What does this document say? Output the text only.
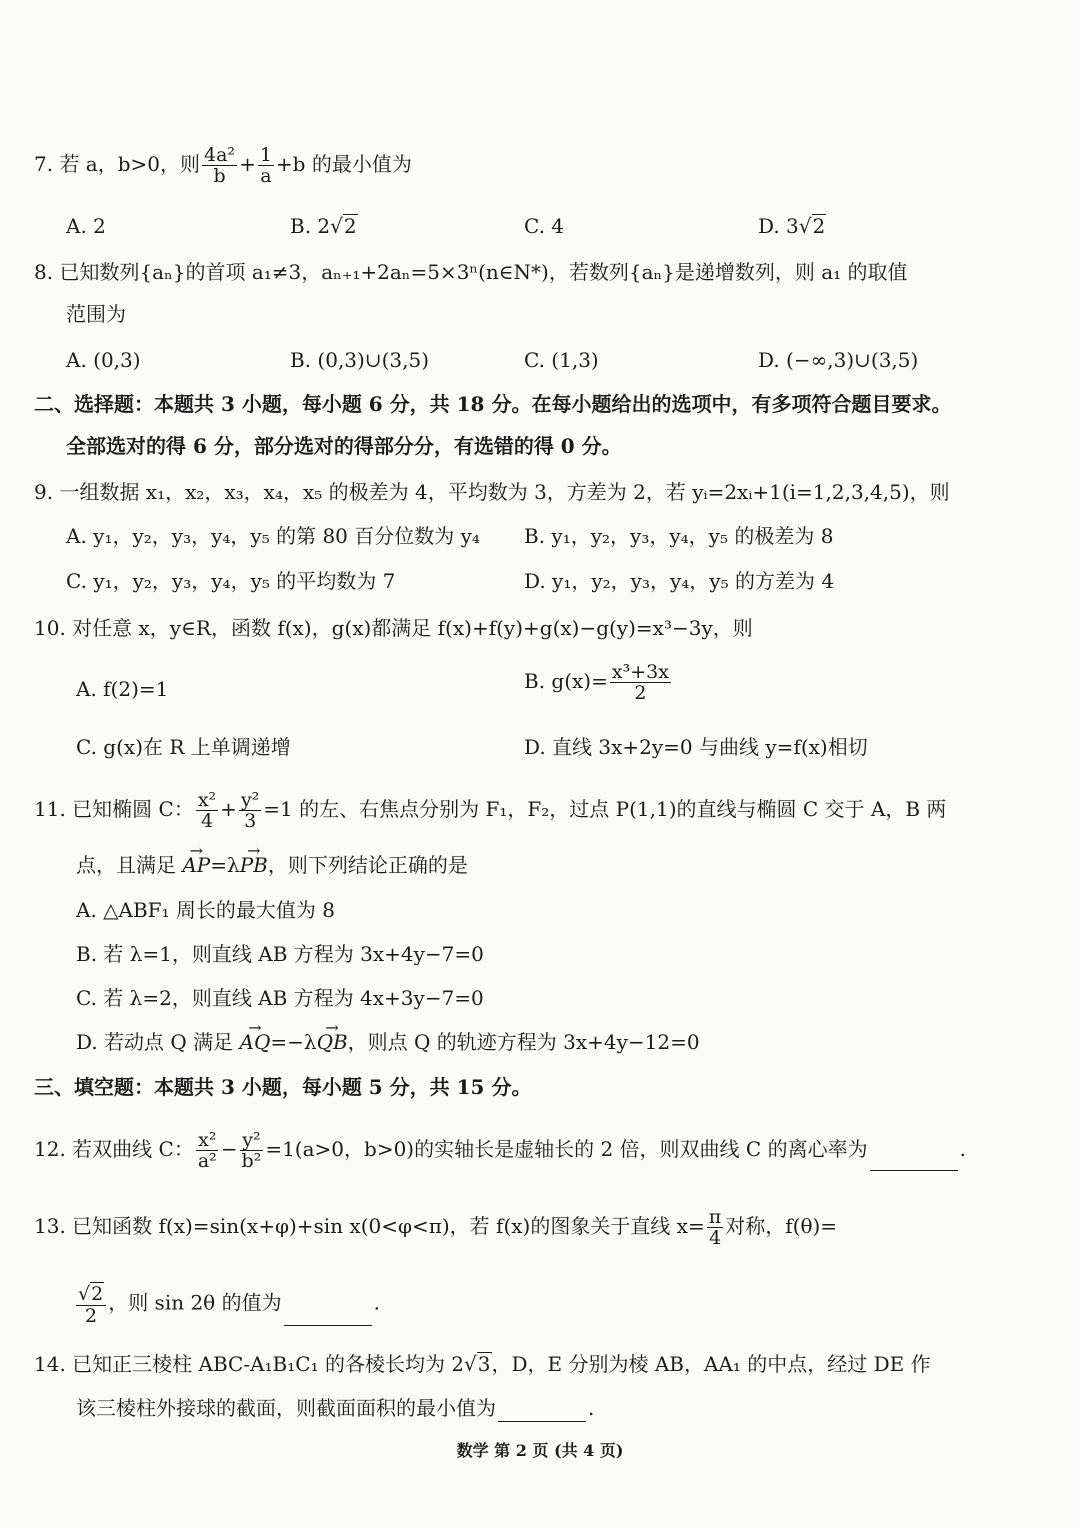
7. 若 a，b>0，则 $\frac{\text{4a²}}{b} + \frac{1}{a} +b$ 的最小值为
A. 2	B. 2√2	C. 4	D. 3√2
8. 已知数列{aₙ}的首项 a₁≠3，aₙ₊₁+2aₙ=5×3ⁿ(n∈N*)，若数列{aₙ}是递增数列，则 a₁ 的取值
范围为
A. (0,3)	B. (0,3)∪(3,5)	C. (1,3)	D. (−∞,3)∪(3,5)
二、选择题：本题共 3 小题，每小题 6 分，共 18 分。在每小题给出的选项中，有多项符合题目要求。
全部选对的得 6 分，部分选对的得部分分，有选错的得 0 分。
9. 一组数据 x₁，x₂，x₃，x₄，x₅ 的极差为 4，平均数为 3，方差为 2，若 yᵢ=2xᵢ+1(i=1,2,3,4,5)，则
A. y₁，y₂，y₃，y₄，y₅ 的第 80 百分位数为 y₄ B. y₁，y₂，y₃，y₄，y₅ 的极差为 8
C. y₁，y₂，y₃，y₄，y₅ 的平均数为 7	D. y₁，y₂，y₃，y₄，y₅ 的方差为 4
10. 对任意 x，y∈R，函数 f(x)，g(x)都满足 f(x)+f(y)+g(x)−g(y)=x³−3y，则
A. f(2)=1	B. $g(x)= \frac{\text{x³+3x}}{2}$
C. g(x)在 R 上单调递增	D. 直线 3x+2y=0 与曲线 y=f(x)相切
11. 已知椭圆 C： $\frac{\text{x²}}{4} + \frac{\text{y²}}{3} =1$ 的左、右焦点分别为 F₁，F₂，过点 P(1,1)的直线与椭圆 C 交于 A，B 两
点，且满足 → AP=λ→ PB，则下列结论正确的是
A. △ABF₁ 周长的最大值为 8
B. 若 λ=1，则直线 AB 方程为 3x+4y−7=0
C. 若 λ=2，则直线 AB 方程为 4x+3y−7=0
D. 若动点 Q 满足 → AQ=−λ→ QB，则点 Q 的轨迹方程为 3x+4y−12=0
三、填空题：本题共 3 小题，每小题 5 分，共 15 分。
12. 若双曲线 C： $\frac{\text{x²}}{\text{a²}} - \frac{\text{y²}}{\text{b²}} =1(a>0$，b>0)的实轴长是虚轴长的 2 倍，则双曲线 C 的离心率为	.
13. 已知函数 f(x)=sin(x+φ)+sin x(0<φ<π)，若 f(x)的图象关于直线 $x= \frac{\pi}{4}$ 对称，f(θ)=
$\frac{√2}{2}$ ，则 sin 2θ 的值为	.
14. 已知正三棱柱 ABC-A₁B₁C₁ 的各棱长均为 2√3，D，E 分别为棱 AB，AA₁ 的中点，经过 DE 作
该三棱柱外接球的截面，则截面面积的最小值为	.
数学 第 2 页 (共 4 页)
